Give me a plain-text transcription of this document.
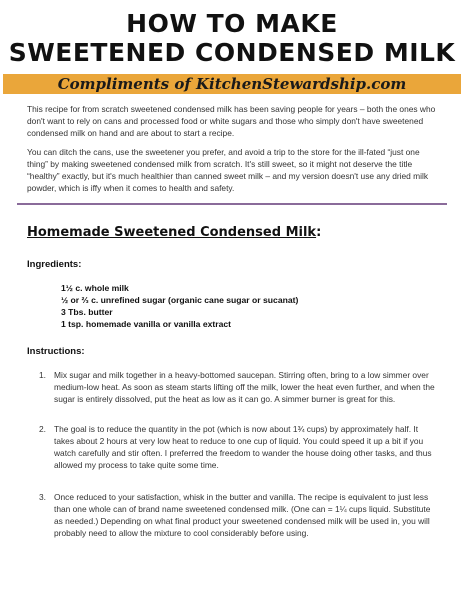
HOW TO MAKE
SWEETENED CONDENSED MILK
Compliments of KitchenStewardship.com

This recipe for from scratch sweetened condensed milk has been saving people for years – both the ones who don't want to rely on cans and processed food or white sugars and those who simply don't have sweetened condensed milk on hand and are about to start a recipe.

You can ditch the cans, use the sweetener you prefer, and avoid a trip to the store for the ill-fated “just one thing” by making sweetened condensed milk from scratch. It's still sweet, so it might not deserve the title “healthy” exactly, but it's much healthier than canned sweet milk – and my version doesn't use any dried milk powder, which is iffy when it comes to health and safety.

Homemade Sweetened Condensed Milk:
Ingredients:
1½ c. whole milk
½ or ⅔ c. unrefined sugar (organic cane sugar or sucanat)
3 Tbs. butter
1 tsp. homemade vanilla or vanilla extract
Instructions:
1. Mix sugar and milk together in a heavy-bottomed saucepan. Stirring often, bring to a low simmer over medium-low heat. As soon as steam starts lifting off the milk, lower the heat even further, and when the sugar is entirely dissolved, put the heat as low as it can go. A simmer burner is great for this.
2. The goal is to reduce the quantity in the pot (which is now about 1¾ cups) by approximately half. It takes about 2 hours at very low heat to reduce to one cup of liquid. You could speed it up a bit if you watch carefully and stir often. I preferred the freedom to wander the house doing other tasks, and thus allowed my process to take quite some time.
3. Once reduced to your satisfaction, whisk in the butter and vanilla. The recipe is equivalent to just less than one whole can of brand name sweetened condensed milk. (One can = 1¼ cups liquid. Substitute as needed.) Depending on what final product your sweetened condensed milk will be used in, you will probably need to allow the mixture to cool considerably before using.
